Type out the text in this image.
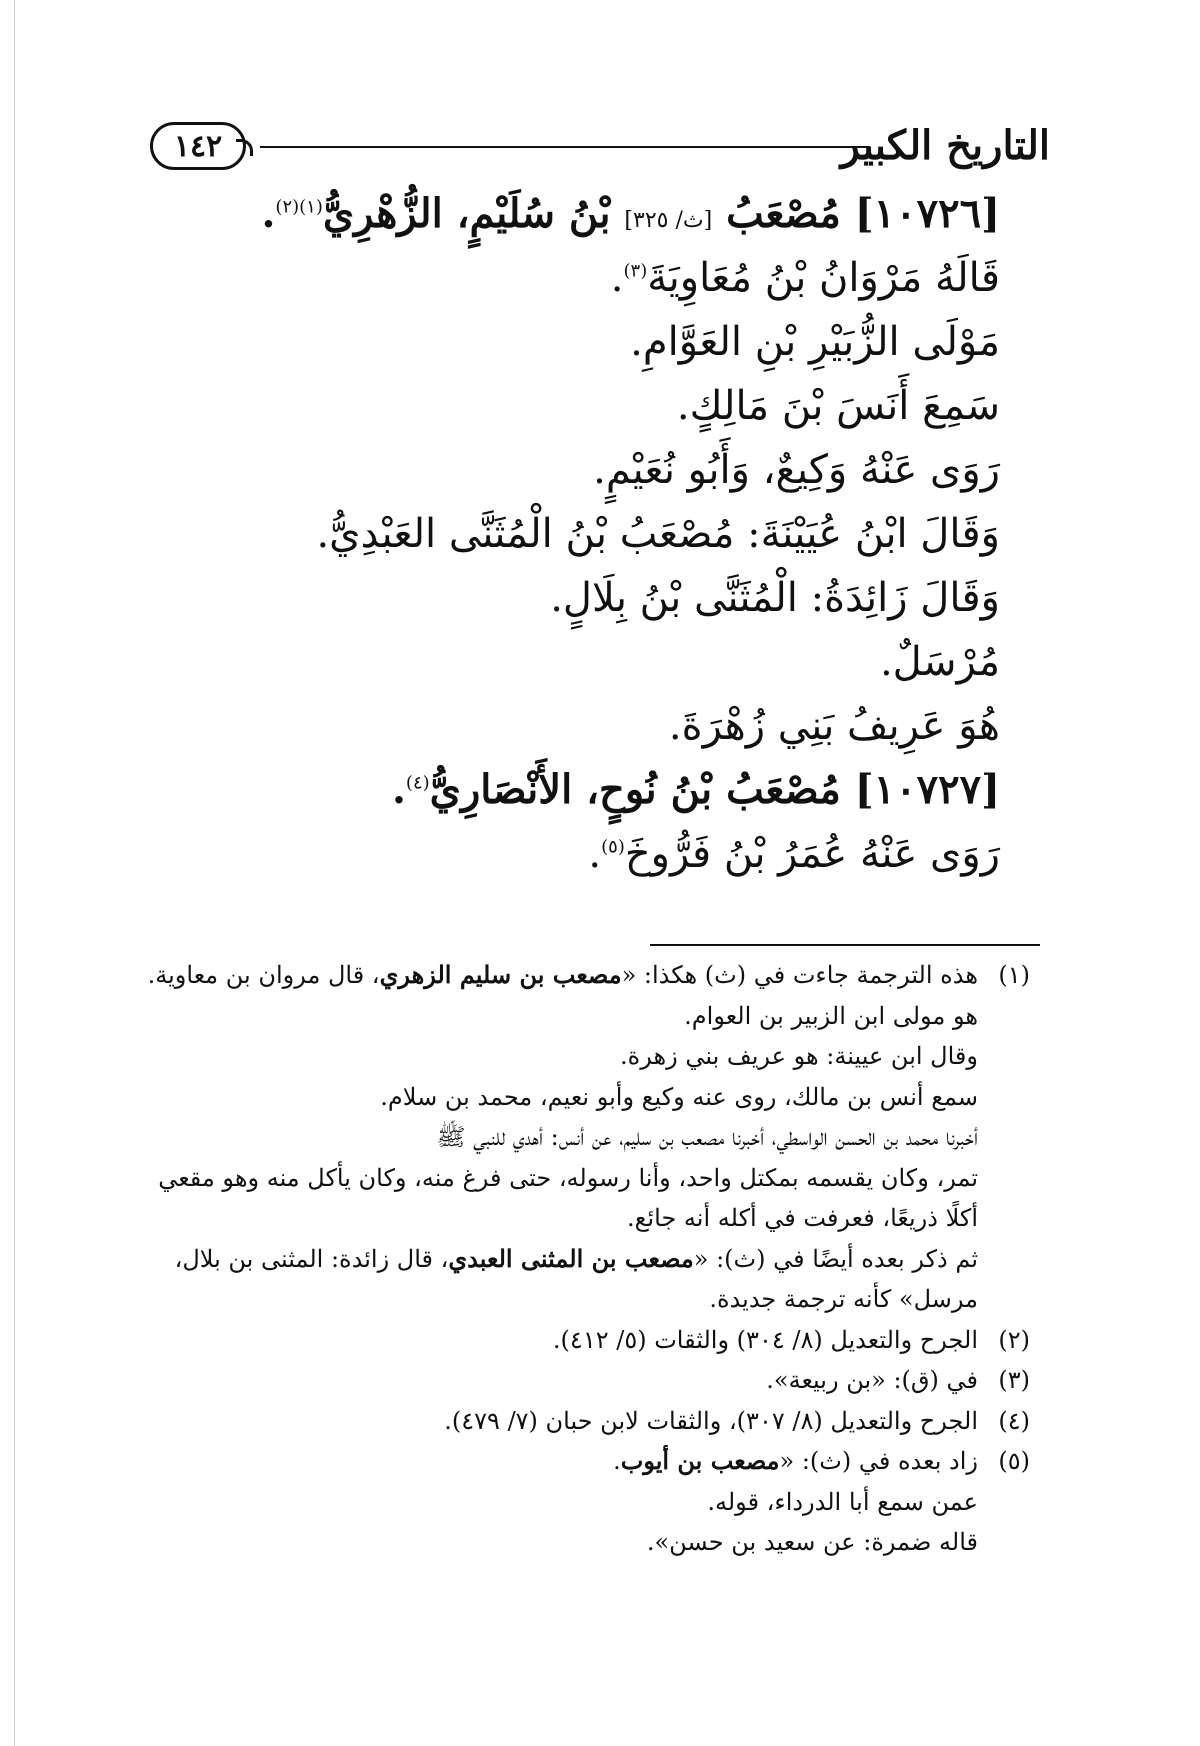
١٤٢	التاريخ الكبير
[١٠٧٢٦] مُصْعَبُ [ث/ ٣٢٥] بْنُ سُلَيْمٍ، الزُّهْرِيُّ$^{(١)(٢)}$.
قَالَهُ مَرْوَانُ بْنُ مُعَاوِيَةَ$^{(٣)}$.
مَوْلَى الزُّبَيْرِ بْنِ العَوَّامِ.
سَمِعَ أَنَسَ بْنَ مَالِكٍ.
رَوَى عَنْهُ وَكِيعٌ، وَأَبُو نُعَيْمٍ.
وَقَالَ ابْنُ عُيَيْنَةَ: مُصْعَبُ بْنُ الْمُثَنَّى العَبْدِيُّ.
وَقَالَ زَائِدَةُ: الْمُثَنَّى بْنُ بِلَالٍ.
مُرْسَلٌ.
هُوَ عَرِيفُ بَنِي زُهْرَةَ.
[١٠٧٢٧] مُصْعَبُ بْنُ نُوحٍ، الأَنْصَارِيُّ$^{(٤)}$.
رَوَى عَنْهُ عُمَرُ بْنُ فَرُّوخَ$^{(٥)}$.
(١)
هذه الترجمة جاءت في (ث) هكذا: «مصعب بن سليم الزهري، قال مروان بن معاوية.
هو مولى ابن الزبير بن العوام.
وقال ابن عيينة: هو عريف بني زهرة.
سمع أنس بن مالك، روى عنه وكيع وأبو نعيم، محمد بن سلام.
أخبرنا محمد بن الحسن الواسطي، أخبرنا مصعب بن سليم، عن أنس: أهدي للنبي ﷺ
تمر، وكان يقسمه بمكتل واحد، وأنا رسوله، حتى فرغ منه، وكان يأكل منه وهو مقعي
أكلًا ذريعًا، فعرفت في أكله أنه جائع.
ثم ذكر بعده أيضًا في (ث): «مصعب بن المثنى العبدي، قال زائدة: المثنى بن بلال،
مرسل» كأنه ترجمة جديدة.
(٢)
الجرح والتعديل (٨/ ٣٠٤) والثقات (٥/ ٤١٢).
(٣)
في (ق): «بن ربيعة».
(٤)
الجرح والتعديل (٨/ ٣٠٧)، والثقات لابن حبان (٧/ ٤٧٩).
(٥)
زاد بعده في (ث): «مصعب بن أيوب.
عمن سمع أبا الدرداء، قوله.
قاله ضمرة: عن سعيد بن حسن».
